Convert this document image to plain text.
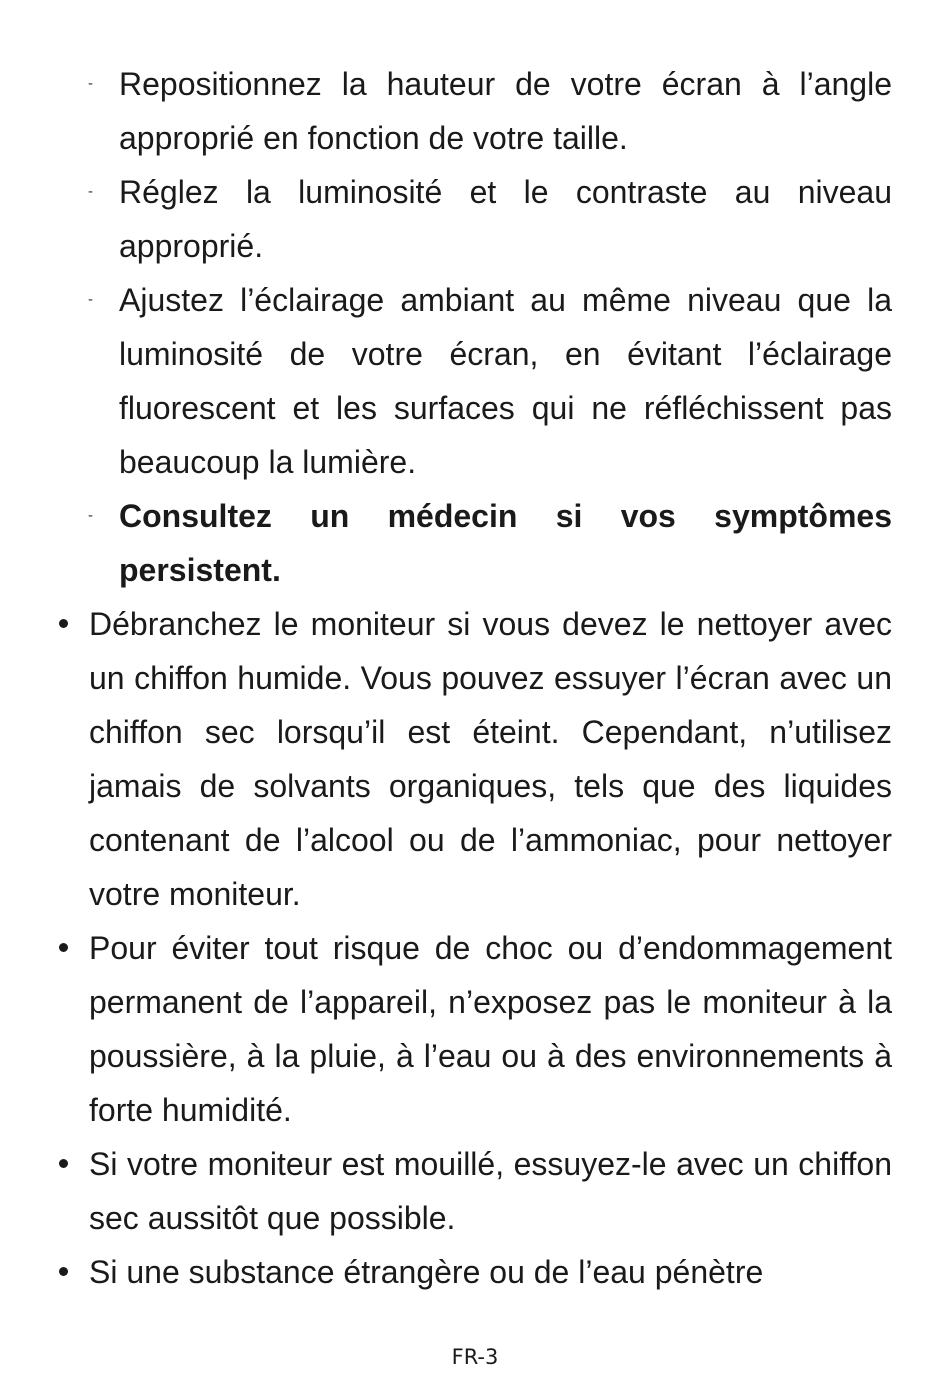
- Repositionnez la hauteur de votre écran à l’angle approprié en fonction de votre taille.
- Réglez la luminosité et le contraste au niveau approprié.
- Ajustez l’éclairage ambiant au même niveau que la luminosité de votre écran, en évitant l’éclairage fluorescent et les surfaces qui ne réfléchissent pas beaucoup la lumière.
- Consultez un médecin si vos symptômes persistent.
Débranchez le moniteur si vous devez le nettoyer avec un chiffon humide. Vous pouvez essuyer l’écran avec un chiffon sec lorsqu’il est éteint. Cependant, n’utilisez jamais de solvants organiques, tels que des liquides contenant de l’alcool ou de l’ammoniac, pour nettoyer votre moniteur.
Pour éviter tout risque de choc ou d’endommagement permanent de l’appareil, n’exposez pas le moniteur à la poussière, à la pluie, à l’eau ou à des environnements à forte humidité.
Si votre moniteur est mouillé, essuyez-le avec un chiffon sec aussitôt que possible.
Si une substance étrangère ou de l’eau pénètre
FR-3
